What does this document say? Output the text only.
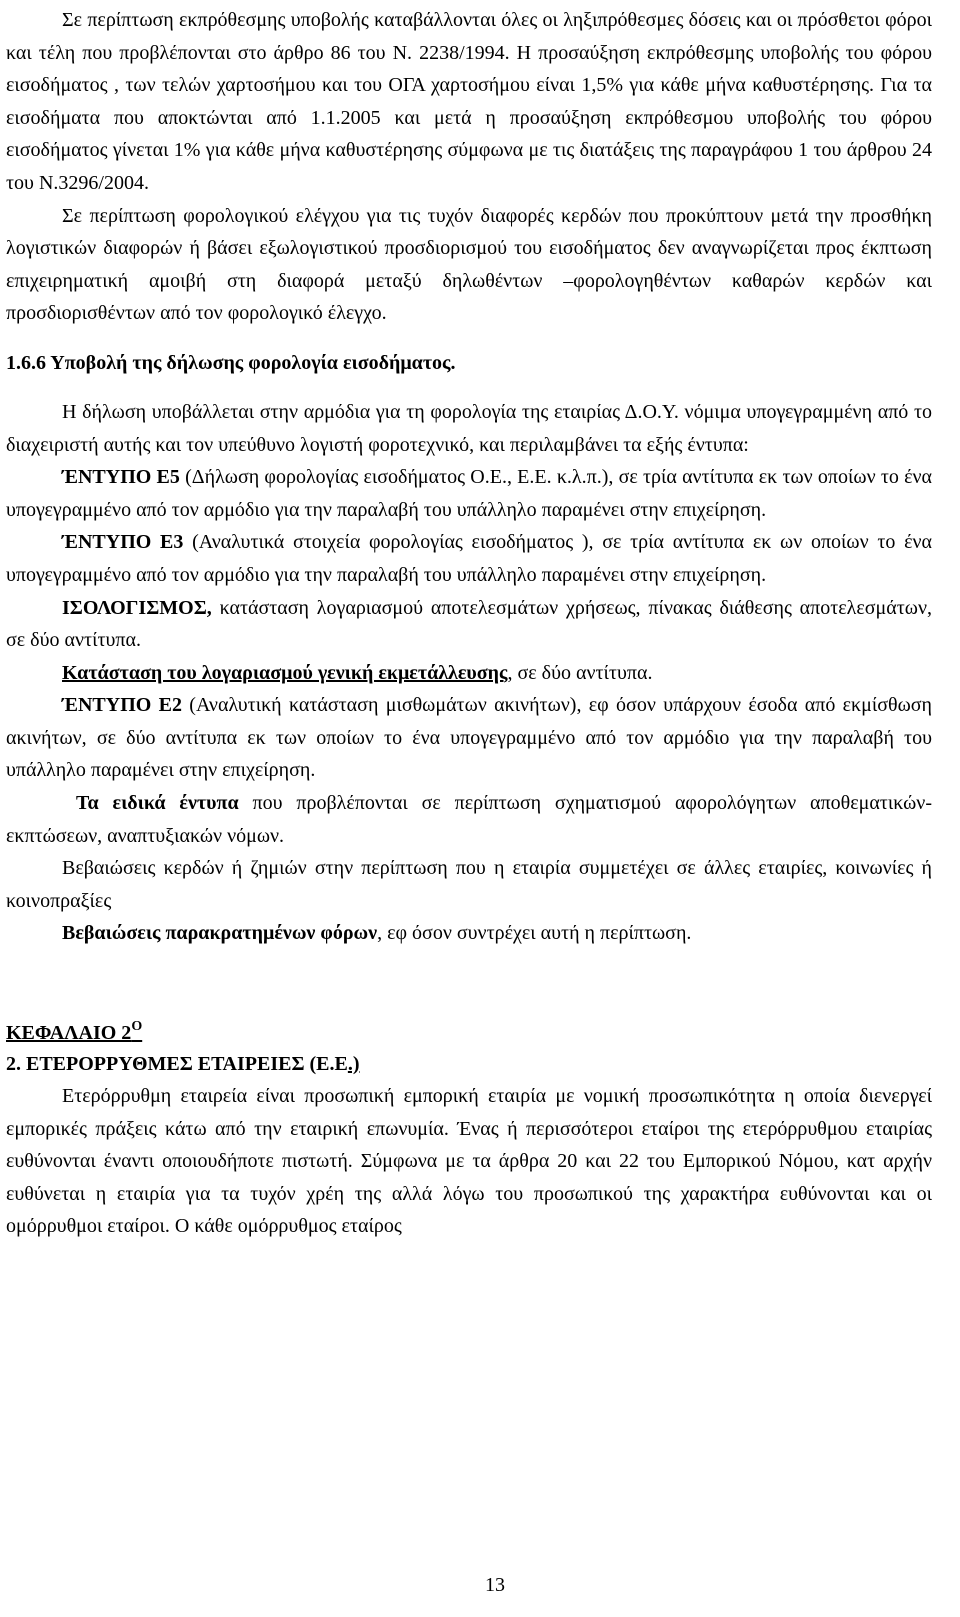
Σε περίπτωση εκπρόθεσμης υποβολής καταβάλλονται όλες οι ληξιπρόθεσμες δόσεις και οι πρόσθετοι φόροι και τέλη που προβλέπονται στο άρθρο 86 του Ν. 2238/1994. Η προσαύξηση εκπρόθεσμης υποβολής του φόρου εισοδήματος , των τελών χαρτοσήμου και του ΟΓΑ χαρτοσήμου είναι 1,5% για κάθε μήνα καθυστέρησης. Για τα εισοδήματα που αποκτώνται από 1.1.2005 και μετά η προσαύξηση εκπρόθεσμου υποβολής του φόρου εισοδήματος γίνεται 1% για κάθε μήνα καθυστέρησης σύμφωνα με τις διατάξεις της παραγράφου 1 του άρθρου 24 του Ν.3296/2004.

Σε περίπτωση φορολογικού ελέγχου για τις τυχόν διαφορές κερδών που προκύπτουν μετά την προσθήκη λογιστικών διαφορών ή βάσει εξωλογιστικού προσδιορισμού του εισοδήματος δεν αναγνωρίζεται προς έκπτωση επιχειρηματική αμοιβή στη διαφορά μεταξύ δηλωθέντων –φορολογηθέντων καθαρών κερδών και προσδιορισθέντων από τον φορολογικό έλεγχο.

1.6.6 Υποβολή της δήλωσης φορολογία εισοδήματος.

Η δήλωση υποβάλλεται στην αρμόδια για τη φορολογία της εταιρίας Δ.Ο.Υ. νόμιμα υπογεγραμμένη από το διαχειριστή αυτής και τον υπεύθυνο λογιστή φοροτεχνικό, και περιλαμβάνει τα εξής έντυπα:

ΈΝΤΥΠΟ Ε5 (Δήλωση φορολογίας εισοδήματος Ο.Ε., Ε.Ε. κ.λ.π.), σε τρία αντίτυπα εκ των οποίων το ένα υπογεγραμμένο από τον αρμόδιο για την παραλαβή του υπάλληλο παραμένει στην επιχείρηση.

ΈΝΤΥΠΟ Ε3 (Αναλυτικά στοιχεία φορολογίας εισοδήματος ), σε τρία αντίτυπα εκ ων οποίων το ένα υπογεγραμμένο από τον αρμόδιο για την παραλαβή του υπάλληλο παραμένει στην επιχείρηση.

ΙΣΟΛΟΓΙΣΜΟΣ, κατάσταση λογαριασμού αποτελεσμάτων χρήσεως, πίνακας διάθεσης αποτελεσμάτων, σε δύο αντίτυπα.

Κατάσταση του λογαριασμού γενική εκμετάλλευσης, σε δύο αντίτυπα.

ΈΝΤΥΠΟ Ε2 (Αναλυτική κατάσταση μισθωμάτων ακινήτων), εφ όσον υπάρχουν έσοδα από εκμίσθωση ακινήτων, σε δύο αντίτυπα εκ των οποίων το ένα υπογεγραμμένο από τον αρμόδιο για την παραλαβή του υπάλληλο παραμένει στην επιχείρηση.

Τα ειδικά έντυπα που προβλέπονται σε περίπτωση σχηματισμού αφορολόγητων αποθεματικών-εκπτώσεων, αναπτυξιακών νόμων.

Βεβαιώσεις κερδών ή ζημιών στην περίπτωση που η εταιρία συμμετέχει σε άλλες εταιρίες, κοινωνίες ή κοινοπραξίες

Βεβαιώσεις παρακρατημένων φόρων, εφ όσον συντρέχει αυτή η περίπτωση.

ΚΕΦΑΛΑΙΟ $2^O$

2. ΕΤΕΡΟΡΡΥΘΜΕΣ ΕΤΑΙΡΕΙΕΣ (Ε.Ε.)

Ετερόρρυθμη εταιρεία είναι προσωπική εμπορική εταιρία με νομική προσωπικότητα η οποία διενεργεί εμπορικές πράξεις κάτω από την εταιρική επωνυμία. Ένας ή περισσότεροι εταίροι της ετερόρρυθμου εταιρίας ευθύνονται έναντι οποιουδήποτε πιστωτή. Σύμφωνα με τα άρθρα 20 και 22 του Εμπορικού Νόμου, κατ αρχήν ευθύνεται η εταιρία για τα τυχόν χρέη της αλλά λόγω του προσωπικού της χαρακτήρα ευθύνονται και οι ομόρρυθμοι εταίροι. Ο κάθε ομόρρυθμος εταίρος

13
